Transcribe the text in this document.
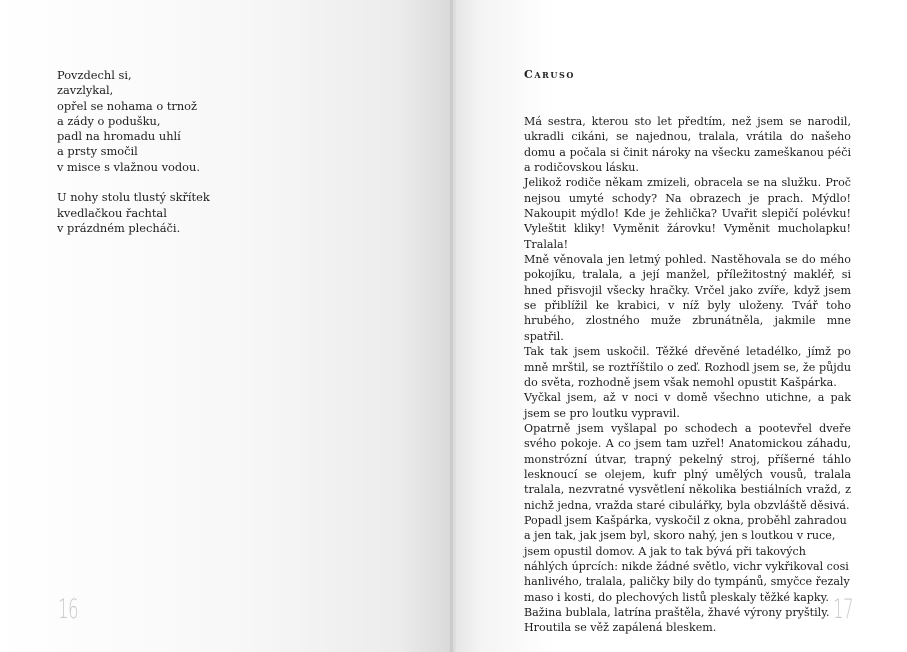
Povzdechl si,
zavzlykal,
opřel se nohama o trnož
a zády o podušku,
padl na hromadu uhlí
a prsty smočil
v misce s vlažnou vodou.
U nohy stolu tlustý skřítek
kvedlačkou řachtal
v prázdném plecháči.
16
Caruso

Má sestra, kterou sto let předtím, než jsem se narodil, ukradli cikáni, se najednou, tralala, vrátila do našeho domu a počala si činit nároky na všecku zameškanou péči a rodičovskou lásku.

Jelikož rodiče někam zmizeli, obracela se na služku. Proč nejsou umyté schody? Na obrazech je prach. Mýdlo! Nakoupit mýdlo! Kde je žehlička? Uvařit slepičí polévku! Vyleštit kliky! Vyměnit žárovku! Vyměnit mucholapku! Tralala!

Mně věnovala jen letmý pohled. Nastěhovala se do mého pokojíku, tralala, a její manžel, příležitostný makléř, si hned přisvojil všecky hračky. Vrčel jako zvíře, když jsem se přiblížil ke krabici, v níž byly uloženy. Tvář toho hrubého, zlostného muže zbrunátněla, jakmile mne spatřil.

Tak tak jsem uskočil. Těžké dřevěné letadélko, jímž po mně mrštil, se roztříštilo o zeď. Rozhodl jsem se, že půjdu do světa, rozhodně jsem však nemohl opustit Kašpárka.

Vyčkal jsem, až v noci v domě všechno utichne, a pak jsem se pro loutku vypravil.

Opatrně jsem vyšlapal po schodech a pootevřel dveře svého pokoje. A co jsem tam uzřel! Anatomickou záhadu, monstrózní útvar, trapný pekelný stroj, příšerné táhlo lesknoucí se olejem, kufr plný umělých vousů, tralala tralala, nezvratné vysvětlení několika bestiálních vražd, z nichž jedna, vražda staré cibulářky, byla obzvláště děsivá.

Popadl jsem Kašpárka, vyskočil z okna, proběhl zahradou a jen tak, jak jsem byl, skoro nahý, jen s loutkou v ruce, jsem opustil domov. A jak to tak bývá při takových náhlých úprcích: nikde žádné světlo, vichr vykřikoval cosi hanlivého, tralala, paličky bily do tympánů, smyčce řezaly maso i kosti, do plechových listů pleskaly těžké kapky. Bažina bublala, latrína praštěla, žhavé výrony pryštily. Hroutila se věž zapálená bleskem.

17
